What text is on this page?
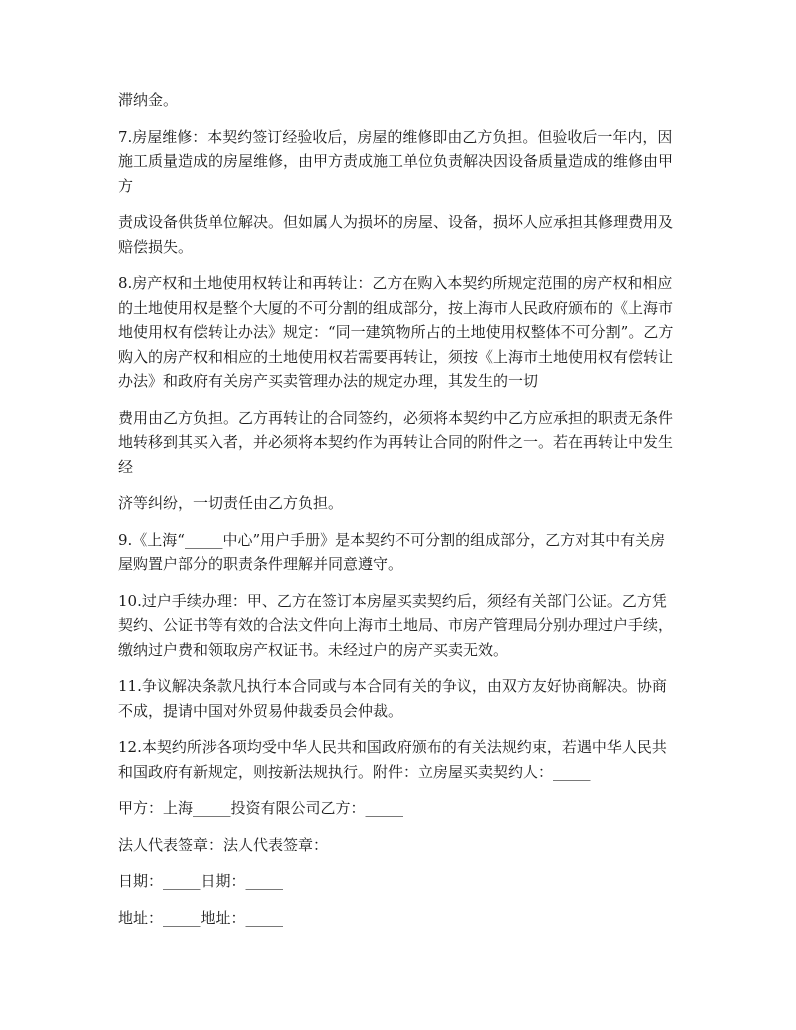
滞纳金。

7.房屋维修：本契约签订经验收后，房屋的维修即由乙方负担。但验收后一年内，因施工质量造成的房屋维修，由甲方责成施工单位负责解决因设备质量造成的维修由甲方

责成设备供货单位解决。但如属人为损坏的房屋、设备，损坏人应承担其修理费用及赔偿损失。

8.房产权和土地使用权转让和再转让：乙方在购入本契约所规定范围的房产权和相应的土地使用权是整个大厦的不可分割的组成部分，按上海市人民政府颁布的《上海市地使用权有偿转让办法》规定：“同一建筑物所占的土地使用权整体不可分割”。乙方购入的房产权和相应的土地使用权若需要再转让，须按《上海市土地使用权有偿转让办法》和政府有关房产买卖管理办法的规定办理，其发生的一切

费用由乙方负担。乙方再转让的合同签约，必须将本契约中乙方应承担的职责无条件地转移到其买入者，并必须将本契约作为再转让合同的附件之一。若在再转让中发生经

济等纠纷，一切责任由乙方负担。

9.《上海“_____中心”用户手册》是本契约不可分割的组成部分，乙方对其中有关房屋购置户部分的职责条件理解并同意遵守。

10.过户手续办理：甲、乙方在签订本房屋买卖契约后，须经有关部门公证。乙方凭契约、公证书等有效的合法文件向上海市土地局、市房产管理局分别办理过户手续，缴纳过户费和领取房产权证书。未经过户的房产买卖无效。

11.争议解决条款凡执行本合同或与本合同有关的争议，由双方友好协商解决。协商不成，提请中国对外贸易仲裁委员会仲裁。

12.本契约所涉各项均受中华人民共和国政府颁布的有关法规约束，若遇中华人民共和国政府有新规定，则按新法规执行。附件：立房屋买卖契约人：_____

甲方：上海_____投资有限公司乙方：_____

法人代表签章：法人代表签章：

日期：_____日期：_____

地址：_____地址：_____
